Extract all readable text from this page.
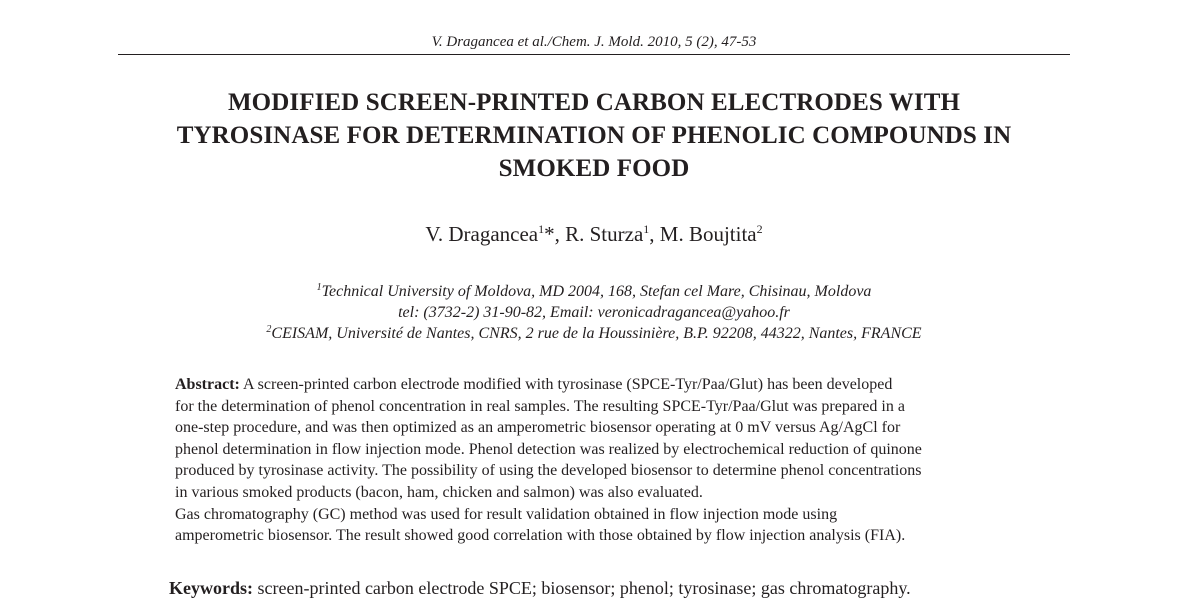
V. Dragancea et al./Chem. J. Mold. 2010, 5 (2), 47-53
MODIFIED SCREEN-PRINTED CARBON ELECTRODES WITH
TYROSINASE FOR DETERMINATION OF PHENOLIC COMPOUNDS IN
SMOKED FOOD
V. Dragancea$^1$*, R. Sturza$^1$, M. Boujtita$^2$
$^1$Technical University of Moldova, MD 2004, 168, Stefan cel Mare, Chisinau, Moldova
tel: (3732-2) 31-90-82, Email: veronicadragancea@yahoo.fr
$^2$CEISAM, Université de Nantes, CNRS, 2 rue de la Houssinière, B.P. 92208, 44322, Nantes, FRANCE
Abstract: A screen-printed carbon electrode modified with tyrosinase (SPCE-Tyr/Paa/Glut) has been developed
for the determination of phenol concentration in real samples. The resulting SPCE-Tyr/Paa/Glut was prepared in a
one-step procedure, and was then optimized as an amperometric biosensor operating at 0 mV versus Ag/AgCl for
phenol determination in flow injection mode. Phenol detection was realized by electrochemical reduction of quinone
produced by tyrosinase activity. The possibility of using the developed biosensor to determine phenol concentrations
in various smoked products (bacon, ham, chicken and salmon) was also evaluated.
Gas chromatography (GC) method was used for result validation obtained in flow injection mode using
amperometric biosensor. The result showed good correlation with those obtained by flow injection analysis (FIA).
Keywords: screen-printed carbon electrode SPCE; biosensor; phenol; tyrosinase; gas chromatography.
